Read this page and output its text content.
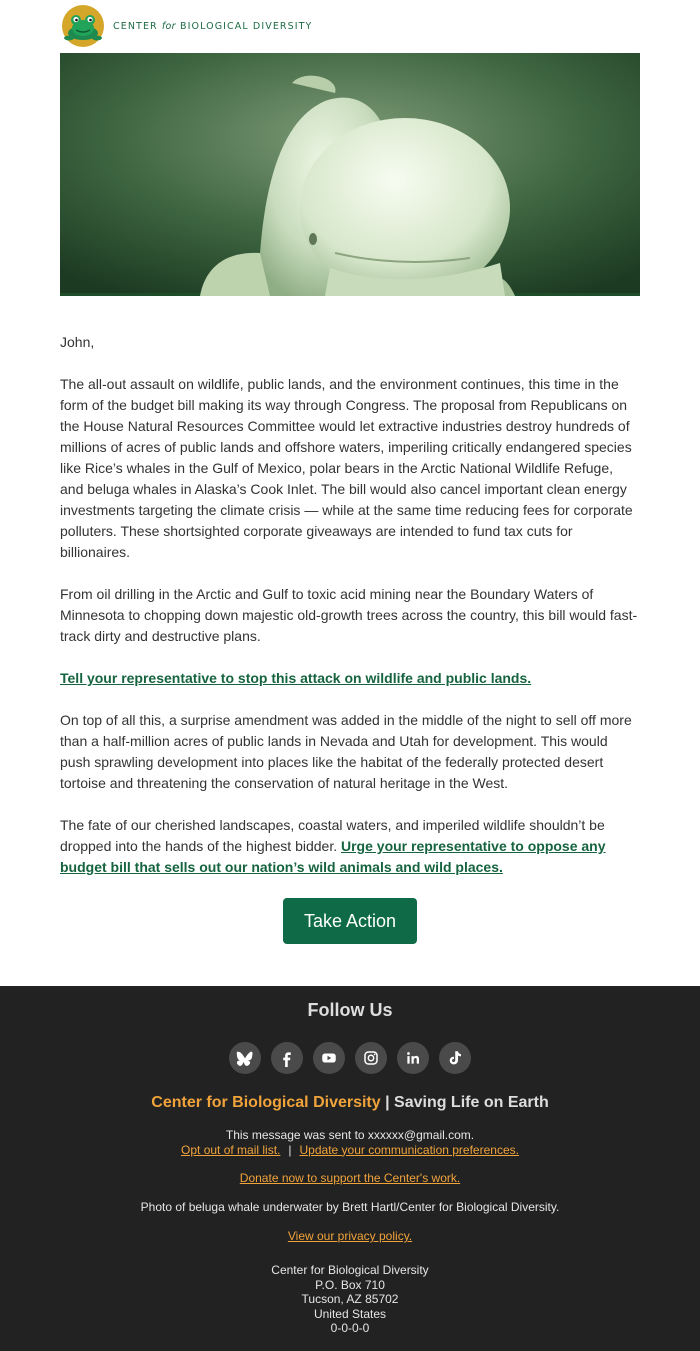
CENTER for BIOLOGICAL DIVERSITY

John,

The all-out assault on wildlife, public lands, and the environment continues, this time in the form of the budget bill making its way through Congress. The proposal from Republicans on the House Natural Resources Committee would let extractive industries destroy hundreds of millions of acres of public lands and offshore waters, imperiling critically endangered species like Rice’s whales in the Gulf of Mexico, polar bears in the Arctic National Wildlife Refuge, and beluga whales in Alaska’s Cook Inlet. The bill would also cancel important clean energy investments targeting the climate crisis — while at the same time reducing fees for corporate polluters. These shortsighted corporate giveaways are intended to fund tax cuts for billionaires.

From oil drilling in the Arctic and Gulf to toxic acid mining near the Boundary Waters of Minnesota to chopping down majestic old-growth trees across the country, this bill would fast-track dirty and destructive plans.

Tell your representative to stop this attack on wildlife and public lands.

On top of all this, a surprise amendment was added in the middle of the night to sell off more than a half-million acres of public lands in Nevada and Utah for development. This would push sprawling development into places like the habitat of the federally protected desert tortoise and threatening the conservation of natural heritage in the West.

The fate of our cherished landscapes, coastal waters, and imperiled wildlife shouldn’t be dropped into the hands of the highest bidder. Urge your representative to oppose any budget bill that sells out our nation’s wild animals and wild places.

Take Action
Follow Us
Center for Biological Diversity | Saving Life on Earth
This message was sent to xxxxxx@gmail.com.
Opt out of mail list. | Update your communication preferences.
Donate now to support the Center's work.
Photo of beluga whale underwater by Brett Hartl/Center for Biological Diversity.
View our privacy policy.
Center for Biological Diversity
P.O. Box 710
Tucson, AZ 85702
United States
0-0-0-0
